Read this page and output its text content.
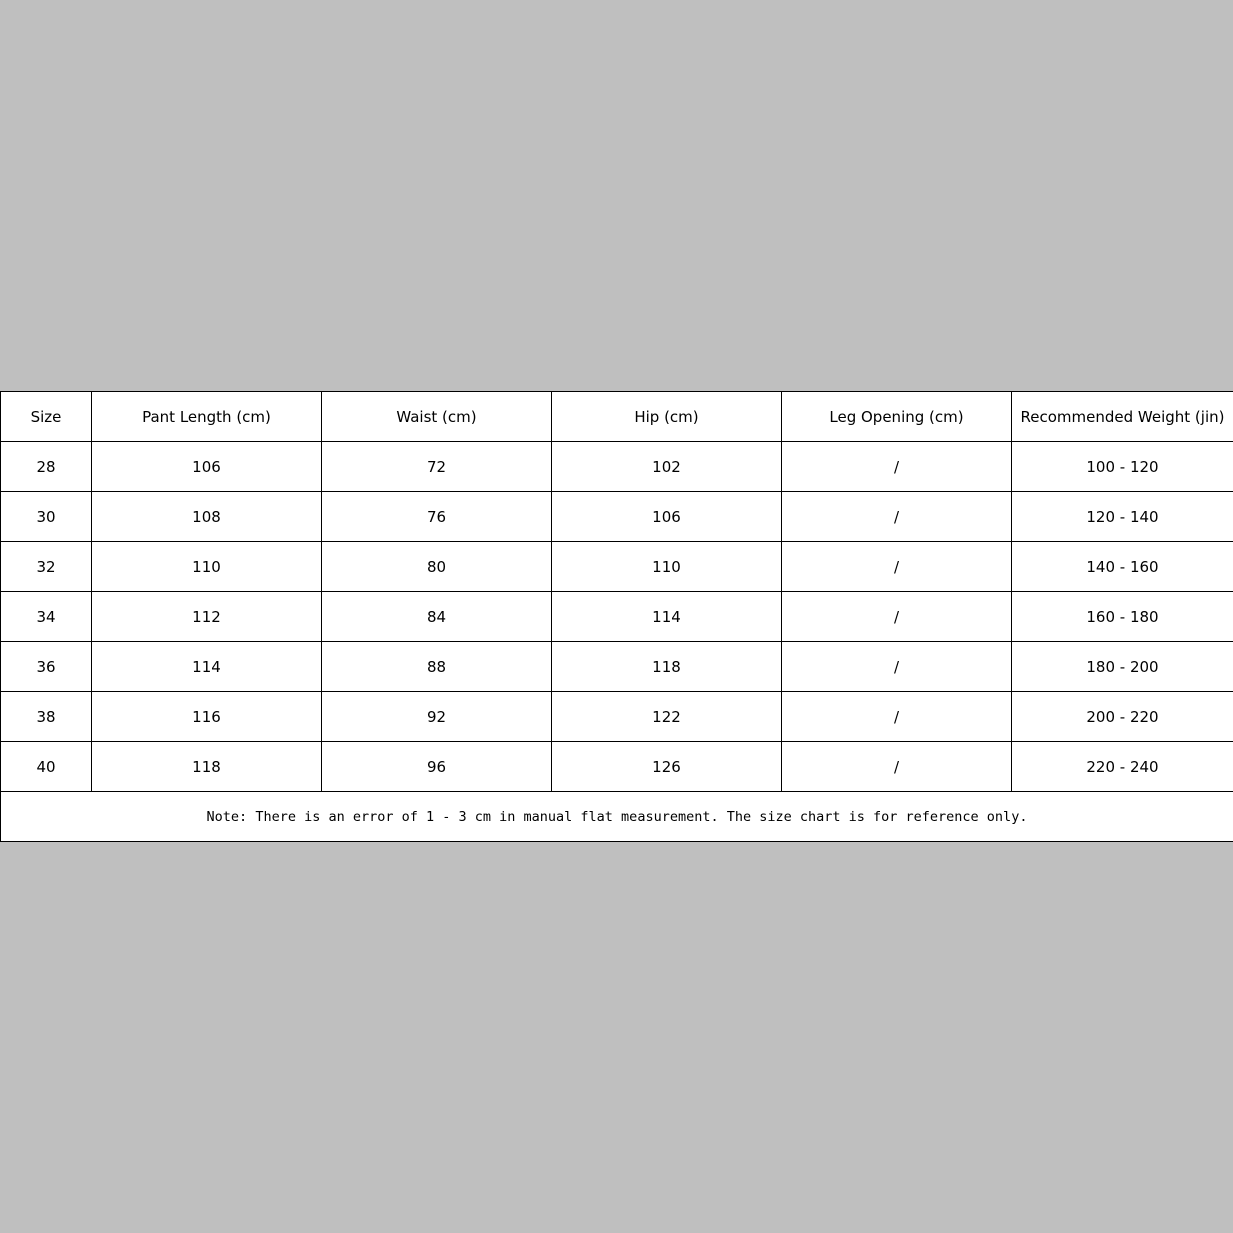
Size	Pant Length (cm)	Waist (cm)	Hip (cm)	Leg Opening (cm)	Recommended Weight (jin)
28	106	72	102	/	100 - 120
30	108	76	106	/	120 - 140
32	110	80	110	/	140 - 160
34	112	84	114	/	160 - 180
36	114	88	118	/	180 - 200
38	116	92	122	/	200 - 220
40	118	96	126	/	220 - 240
Note: There is an error of 1 - 3 cm in manual flat measurement. The size chart is for reference only.					
